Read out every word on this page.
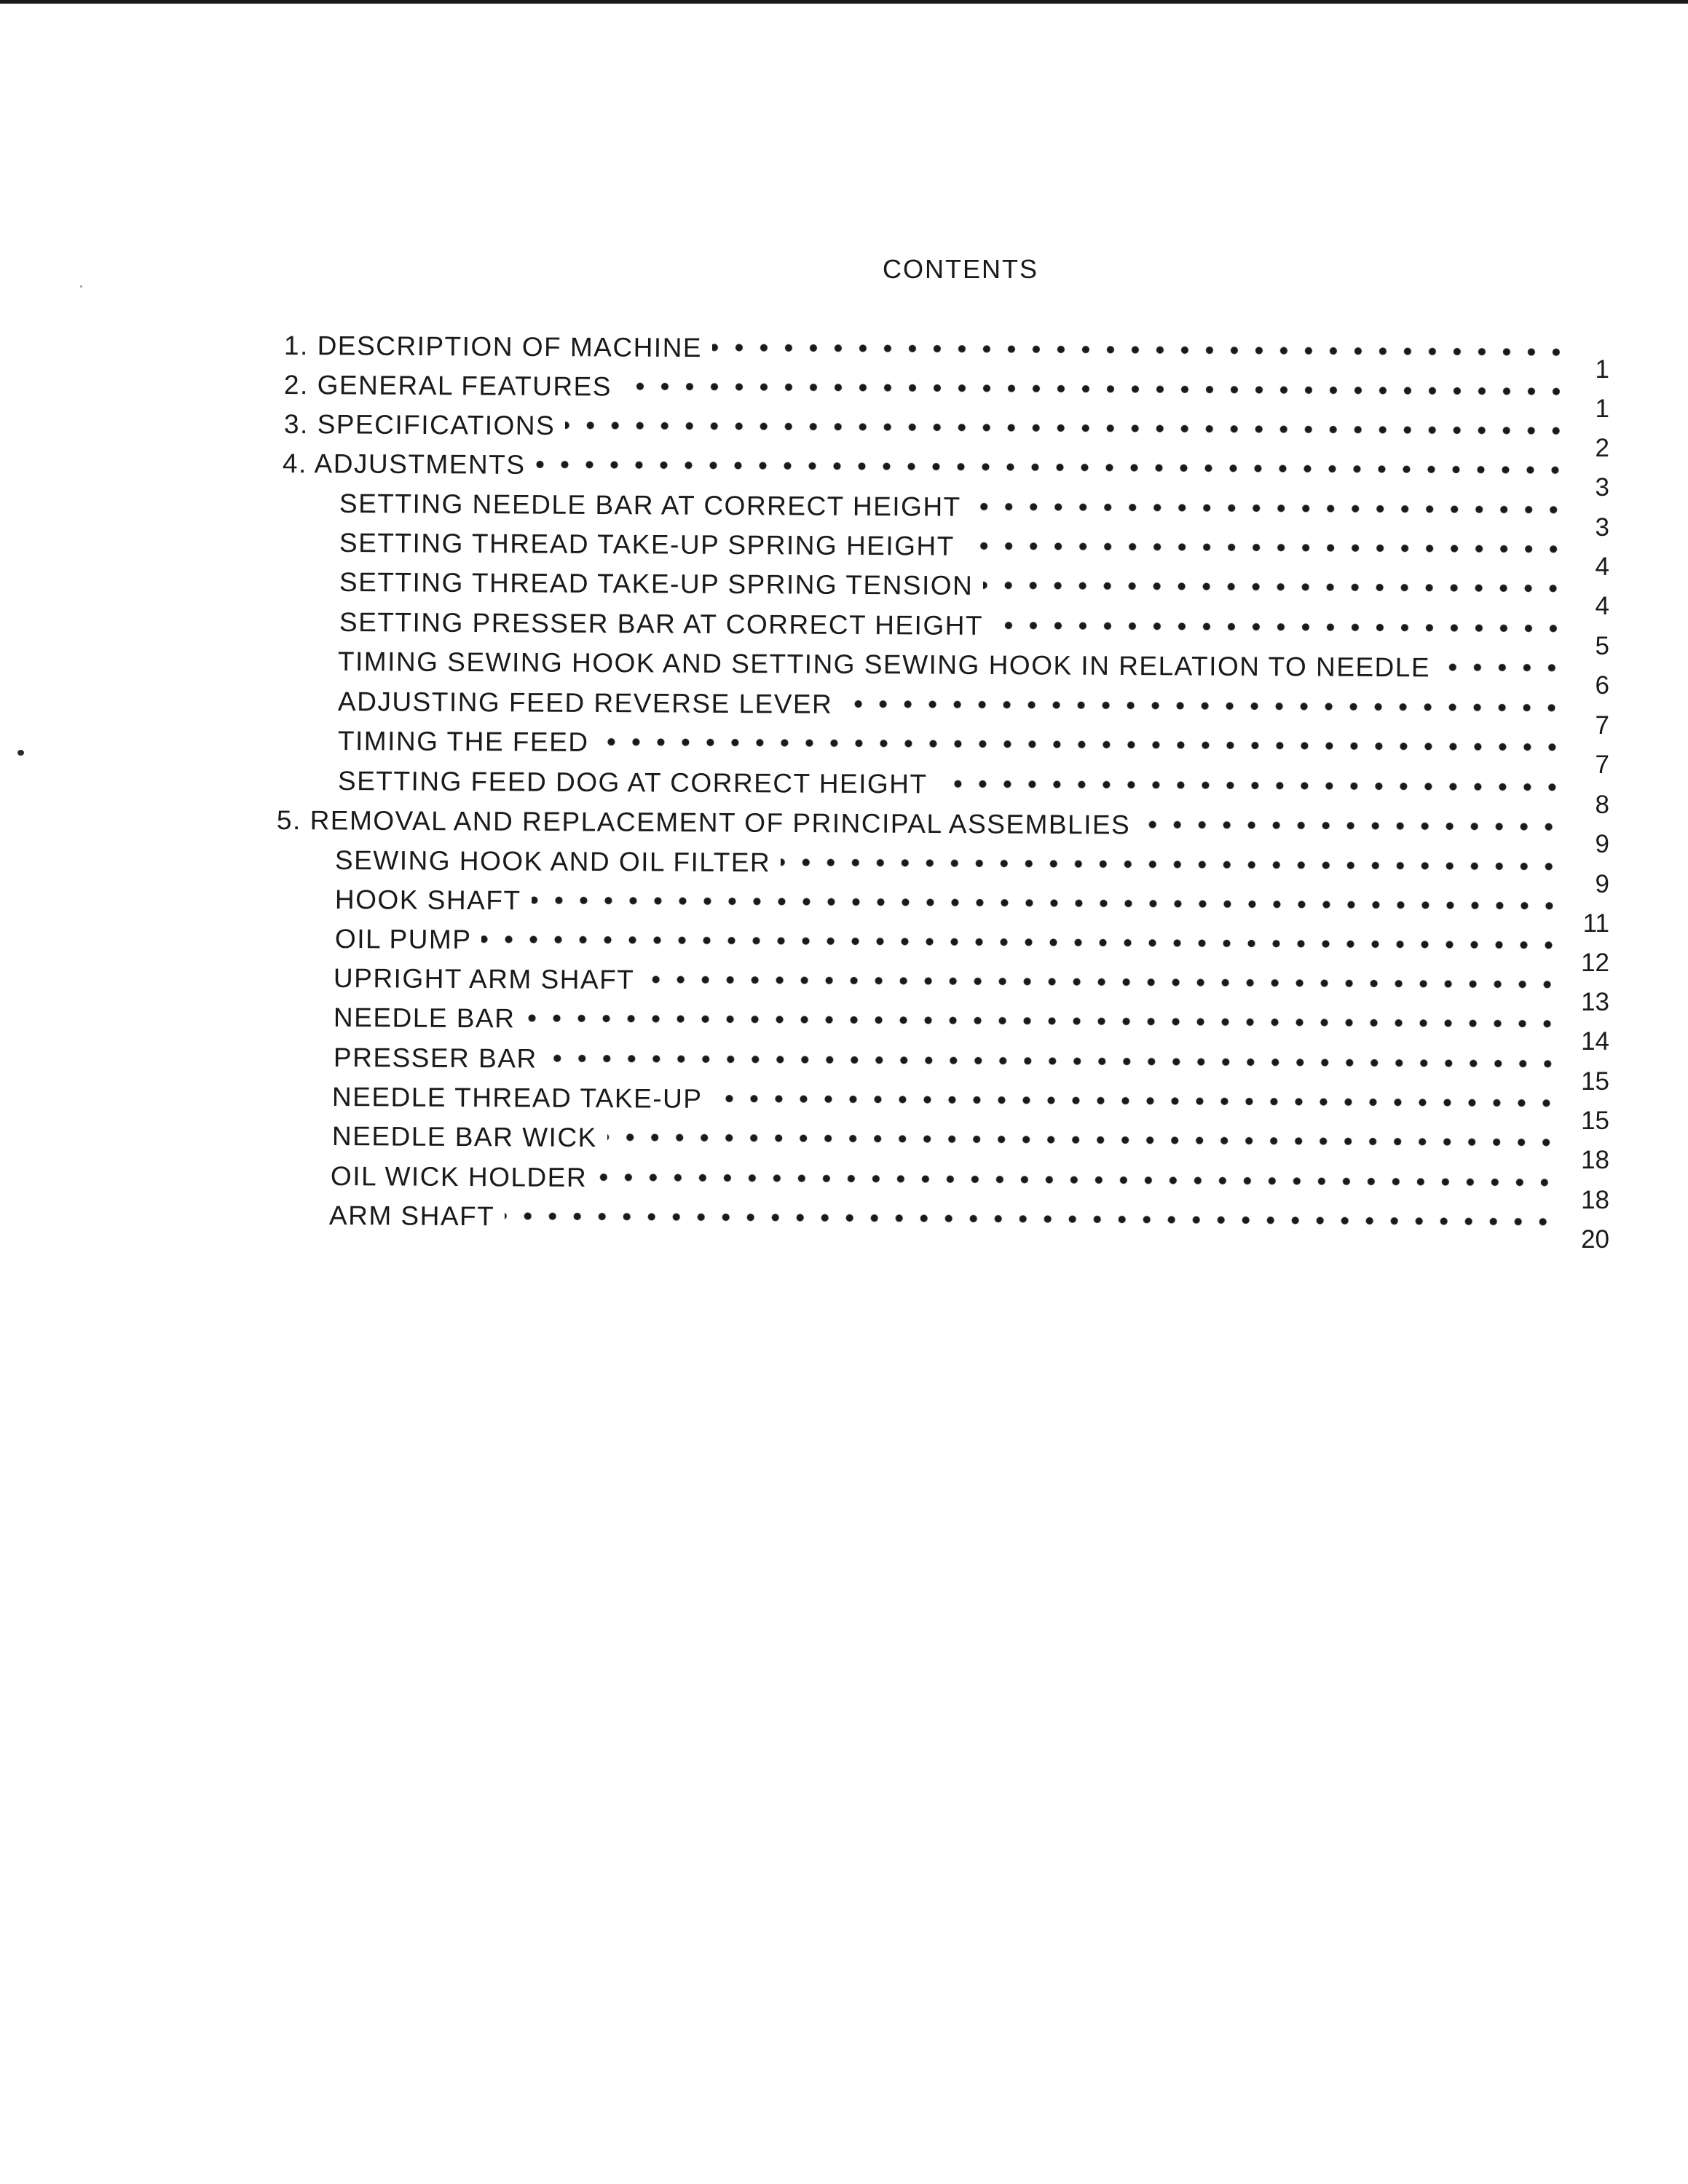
CONTENTS
1. DESCRIPTION OF MACHINE
1
2. GENERAL FEATURES
1
3. SPECIFICATIONS
2
4. ADJUSTMENTS
3
SETTING NEEDLE BAR AT CORRECT HEIGHT
3
SETTING THREAD TAKE-UP SPRING HEIGHT
4
SETTING THREAD TAKE-UP SPRING TENSION
4
SETTING PRESSER BAR AT CORRECT HEIGHT
5
TIMING SEWING HOOK AND SETTING SEWING HOOK IN RELATION TO NEEDLE
6
ADJUSTING FEED REVERSE LEVER
7
TIMING THE FEED
7
SETTING FEED DOG AT CORRECT HEIGHT
8
5. REMOVAL AND REPLACEMENT OF PRINCIPAL ASSEMBLIES
9
SEWING HOOK AND OIL FILTER
9
HOOK SHAFT
11
OIL PUMP
12
UPRIGHT ARM SHAFT
13
NEEDLE BAR
14
PRESSER BAR
15
NEEDLE THREAD TAKE-UP
15
NEEDLE BAR WICK
18
OIL WICK HOLDER
18
ARM SHAFT
20
